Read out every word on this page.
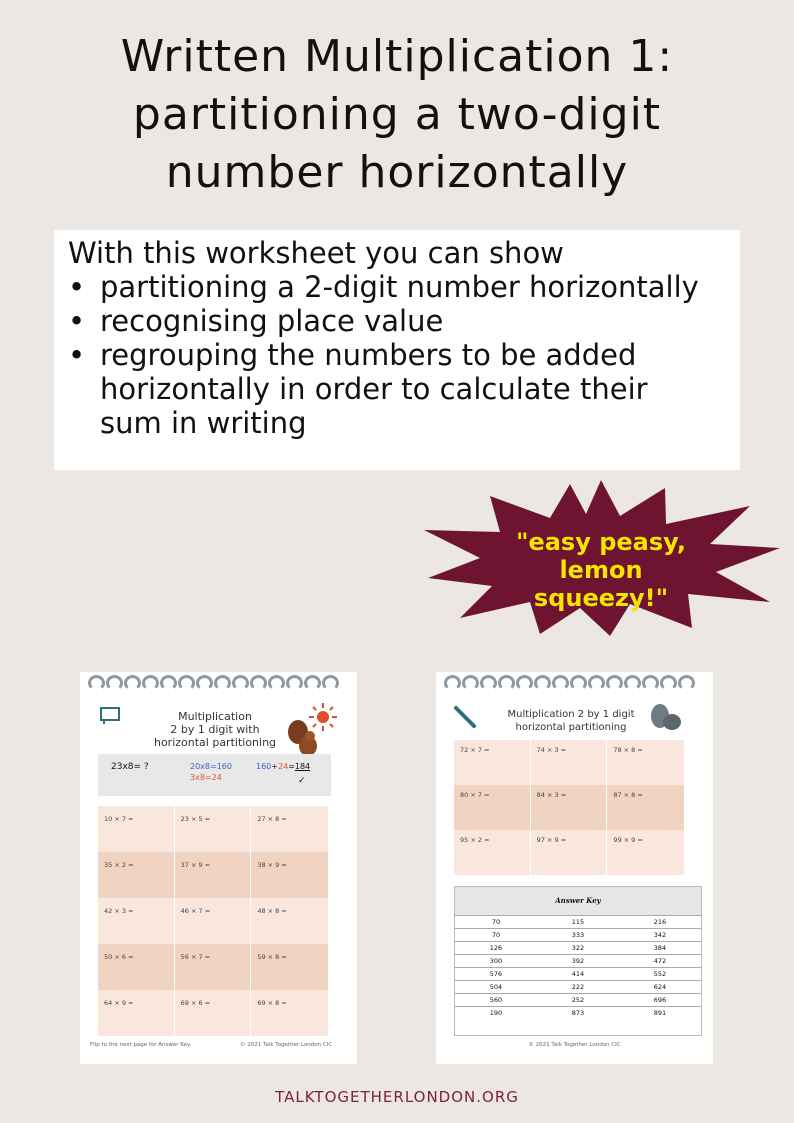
Written Multiplication 1:
partitioning a two-digit
number horizontally
With this worksheet you can show
• partitioning a 2-digit number horizontally
• recognising place value
• regrouping the numbers to be added
horizontally in order to calculate their
sum in writing
"easy peasy,
lemon
squeezy!"
Multiplication
2 by 1 digit with
horizontal partitioning
23x8= ?	20x8=160
3x8=24
160+24=184
✓
10 × 7 =	23 × 5 =	27 × 8 =
35 × 2 =	37 × 9 =	38 × 9 =
42 × 3 =	46 × 7 =	48 × 8 =
50 × 6 =	56 × 7 =	59 × 8 =
64 × 9 =	69 × 6 =	69 × 8 =
Flip to the next page for Answer Key.	© 2021 Talk Together London CIC
Multiplication 2 by 1 digit
horizontal partitioning
72 × 7 =	74 × 3 =	78 × 8 =
80 × 7 =	84 × 3 =	87 × 8 =
95 × 2 =	97 × 9 =	99 × 9 =
Answer Key
70	115	216
70	333	342
126	322	384
300	392	472
576	414	552
504	222	624
560	252	696
190	873	891
© 2021 Talk Together London CIC
TALKTOGETHERLONDON.ORG
